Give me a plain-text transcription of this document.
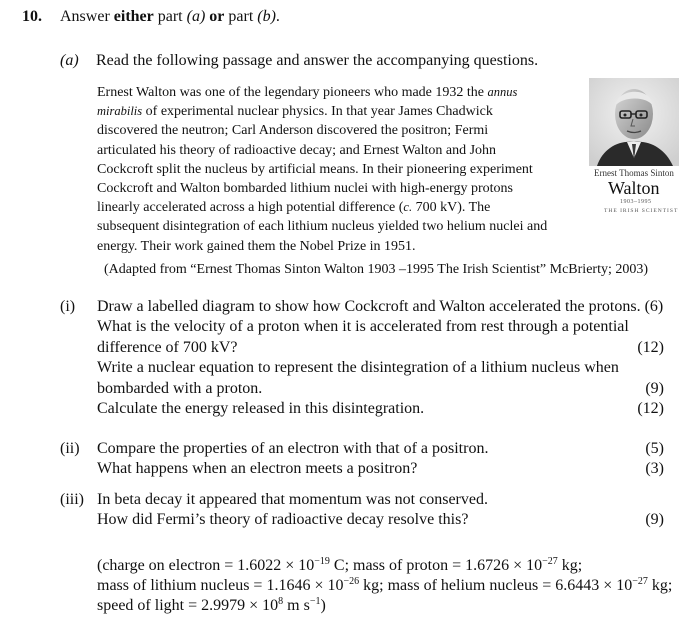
10. Answer either part (a) or part (b).
(a) Read the following passage and answer the accompanying questions.
Ernest Walton was one of the legendary pioneers who made 1932 the annus
mirabilis of experimental nuclear physics. In that year James Chadwick
discovered the neutron; Carl Anderson discovered the positron; Fermi
articulated his theory of radioactive decay; and Ernest Walton and John
Cockcroft split the nucleus by artificial means. In their pioneering experiment
Cockcroft and Walton bombarded lithium nuclei with high-energy protons
linearly accelerated across a high potential difference (c. 700 kV). The
subsequent disintegration of each lithium nucleus yielded two helium nuclei and
energy. Their work gained them the Nobel Prize in 1951.
Ernest Thomas Sinton
Walton
1903–1995
THE IRISH SCIENTIST
(Adapted from “Ernest Thomas Sinton Walton 1903 –1995 The Irish Scientist” McBrierty; 2003)
(i) Draw a labelled diagram to show how Cockcroft and Walton accelerated the protons. (6)
What is the velocity of a proton when it is accelerated from rest through a potential
difference of 700 kV?	(12)
Write a nuclear equation to represent the disintegration of a lithium nucleus when
bombarded with a proton.	(9)
Calculate the energy released in this disintegration.	(12)
(ii) Compare the properties of an electron with that of a positron.	(5)
What happens when an electron meets a positron?	(3)
(iii) In beta decay it appeared that momentum was not conserved.
How did Fermi’s theory of radioactive decay resolve this?	(9)
(charge on electron = $1.6022 \times 10^{-19}$ C; mass of proton = $1.6726 \times 10^{-27}$ kg;
mass of lithium nucleus = $1.1646 \times 10^{-26}$ kg; mass of helium nucleus = $6.6443 \times 10^{-27}$ kg;
speed of light = $2.9979 \times 10^8$ m $s^{-1}$)
